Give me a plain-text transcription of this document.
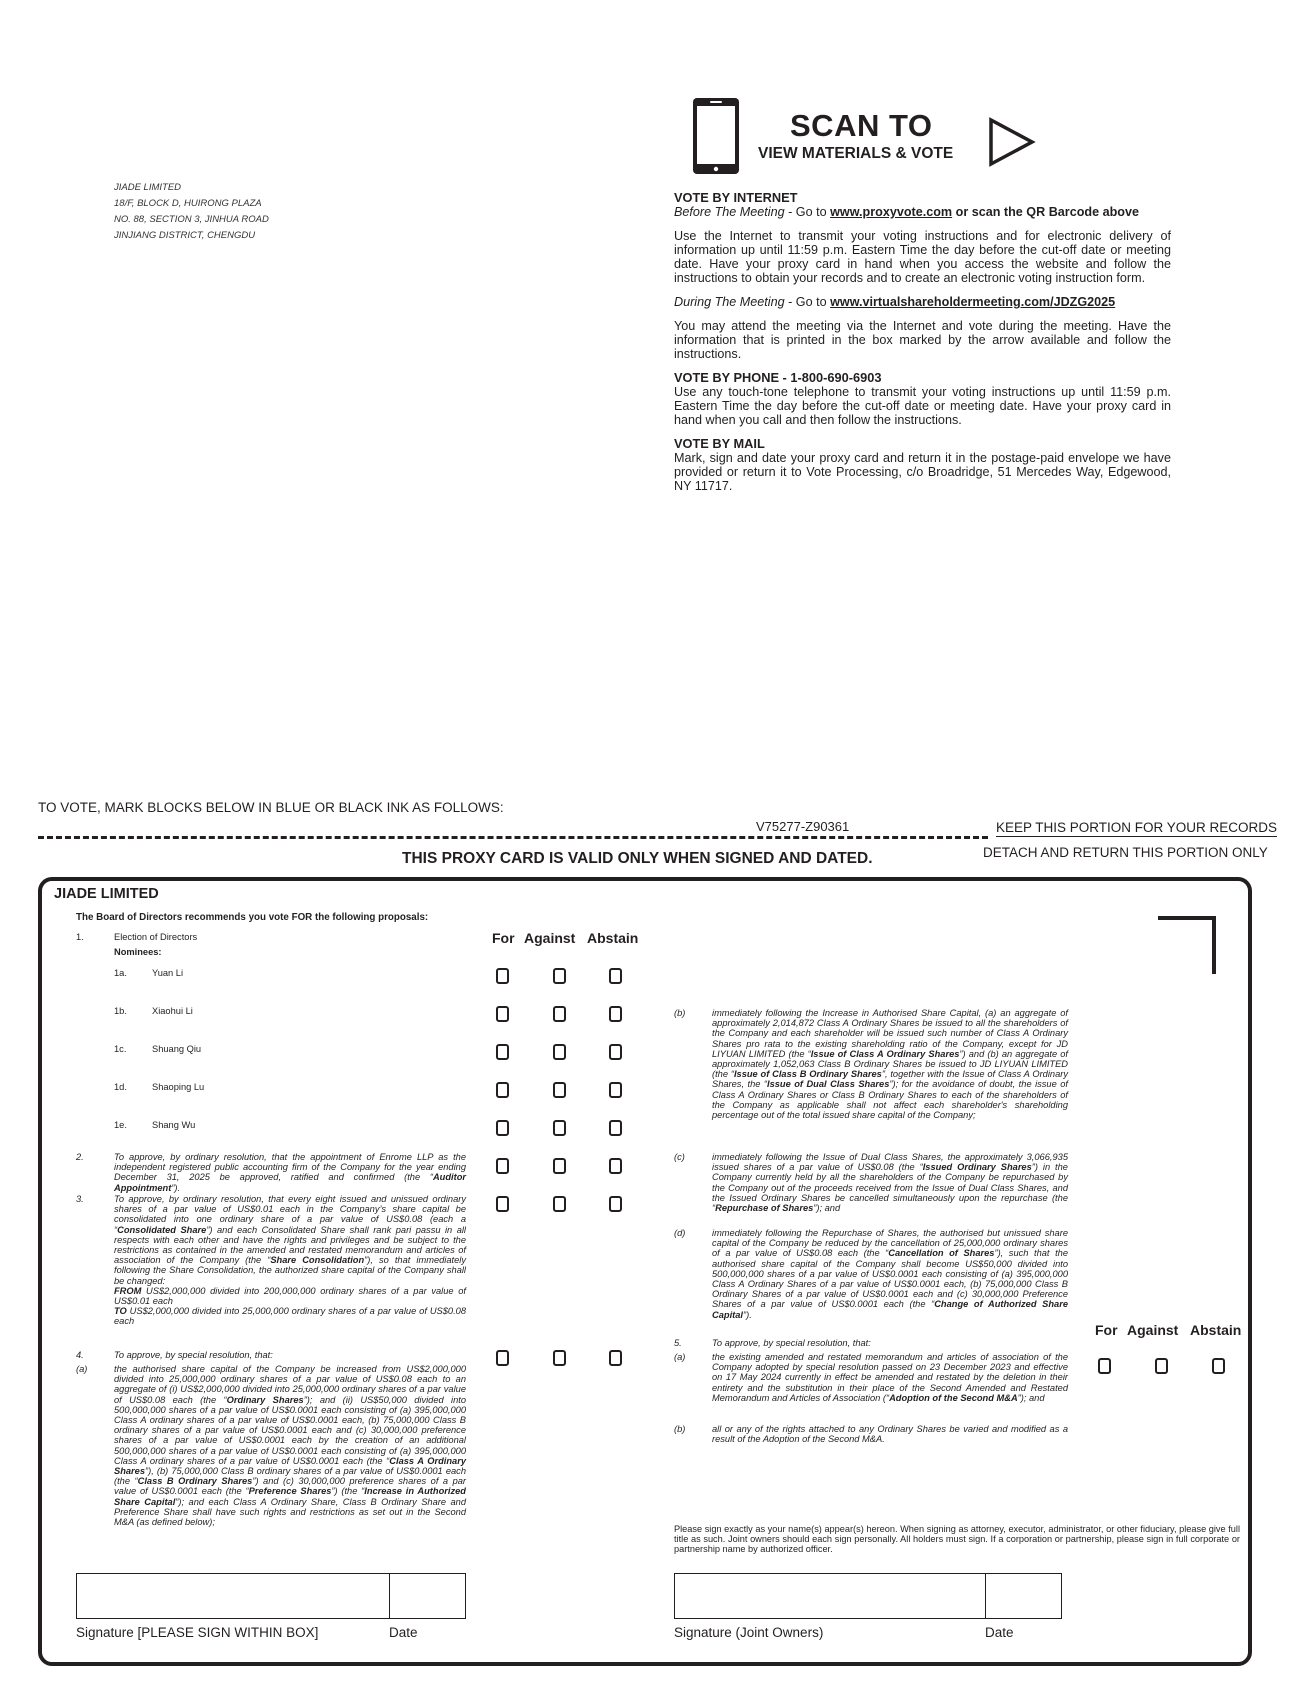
JIADE LIMITED
18/F, BLOCK D, HUIRONG PLAZA
NO. 88, SECTION 3, JINHUA ROAD
JINJIANG DISTRICT, CHENGDU
SCAN TO
VIEW MATERIALS & VOTE
VOTE BY INTERNET

Before The Meeting - Go to www.proxyvote.com or scan the QR Barcode above

Use the Internet to transmit your voting instructions and for electronic delivery of information up until 11:59 p.m. Eastern Time the day before the cut-off date or meeting date. Have your proxy card in hand when you access the website and follow the instructions to obtain your records and to create an electronic voting instruction form.

During The Meeting - Go to www.virtualshareholdermeeting.com/JDZG2025

You may attend the meeting via the Internet and vote during the meeting. Have the information that is printed in the box marked by the arrow available and follow the instructions.

VOTE BY PHONE - 1-800-690-6903

Use any touch-tone telephone to transmit your voting instructions up until 11:59 p.m. Eastern Time the day before the cut-off date or meeting date. Have your proxy card in hand when you call and then follow the instructions.

VOTE BY MAIL

Mark, sign and date your proxy card and return it in the postage-paid envelope we have provided or return it to Vote Processing, c/o Broadridge, 51 Mercedes Way, Edgewood, NY 11717.

TO VOTE, MARK BLOCKS BELOW IN BLUE OR BLACK INK AS FOLLOWS:
V75277-Z90361	KEEP THIS PORTION FOR YOUR RECORDS
DETACH AND RETURN THIS PORTION ONLY
THIS PROXY CARD IS VALID ONLY WHEN SIGNED AND DATED.
JIADE LIMITED
The Board of Directors recommends you vote FOR the following proposals:
1.	Election of Directors
Nominees:
For Against Abstain
1a.	Yuan Li
1b.	Xiaohui Li
1c.	Shuang Qiu
1d.	Shaoping Lu
1e.	Shang Wu
2.	To approve, by ordinary resolution, that the appointment of Enrome LLP as the independent registered public accounting firm of the Company for the year ending December 31, 2025 be approved, ratified and confirmed (the “Auditor Appointment”).
3.	To approve, by ordinary resolution, that every eight issued and unissued ordinary shares of a par value of US$0.01 each in the Company’s share capital be consolidated into one ordinary share of a par value of US$0.08 (each a “Consolidated Share”) and each Consolidated Share shall rank pari passu in all respects with each other and have the rights and privileges and be subject to the restrictions as contained in the amended and restated memorandum and articles of association of the Company (the “Share Consolidation”), so that immediately following the Share Consolidation, the authorized share capital of the Company shall be changed:
FROM US$2,000,000 divided into 200,000,000 ordinary shares of a par value of US$0.01 each
TO US$2,000,000 divided into 25,000,000 ordinary shares of a par value of US$0.08 each
4.	To approve, by special resolution, that:
(a)	the authorised share capital of the Company be increased from US$2,000,000 divided into 25,000,000 ordinary shares of a par value of US$0.08 each to an aggregate of (i) US$2,000,000 divided into 25,000,000 ordinary shares of a par value of US$0.08 each (the “Ordinary Shares”); and (ii) US$50,000 divided into 500,000,000 shares of a par value of US$0.0001 each consisting of (a) 395,000,000 Class A ordinary shares of a par value of US$0.0001 each, (b) 75,000,000 Class B ordinary shares of a par value of US$0.0001 each and (c) 30,000,000 preference shares of a par value of US$0.0001 each by the creation of an additional 500,000,000 shares of a par value of US$0.0001 each consisting of (a) 395,000,000 Class A ordinary shares of a par value of US$0.0001 each (the “Class A Ordinary Shares”), (b) 75,000,000 Class B ordinary shares of a par value of US$0.0001 each (the “Class B Ordinary Shares”) and (c) 30,000,000 preference shares of a par value of US$0.0001 each (the “Preference Shares”) (the “Increase in Authorized Share Capital”); and each Class A Ordinary Share, Class B Ordinary Share and Preference Share shall have such rights and restrictions as set out in the Second M&A (as defined below);
(b)	immediately following the Increase in Authorised Share Capital, (a) an aggregate of approximately 2,014,872 Class A Ordinary Shares be issued to all the shareholders of the Company and each shareholder will be issued such number of Class A Ordinary Shares pro rata to the existing shareholding ratio of the Company, except for JD LIYUAN LIMITED (the “Issue of Class A Ordinary Shares”) and (b) an aggregate of approximately 1,052,063 Class B Ordinary Shares be issued to JD LIYUAN LIMITED (the “Issue of Class B Ordinary Shares”, together with the Issue of Class A Ordinary Shares, the “Issue of Dual Class Shares”); for the avoidance of doubt, the issue of Class A Ordinary Shares or Class B Ordinary Shares to each of the shareholders of the Company as applicable shall not affect each shareholder's shareholding percentage out of the total issued share capital of the Company;
(c)	immediately following the Issue of Dual Class Shares, the approximately 3,066,935 issued shares of a par value of US$0.08 (the “Issued Ordinary Shares”) in the Company currently held by all the shareholders of the Company be repurchased by the Company out of the proceeds received from the Issue of Dual Class Shares, and the Issued Ordinary Shares be cancelled simultaneously upon the repurchase (the “Repurchase of Shares”); and
(d)	immediately following the Repurchase of Shares, the authorised but unissued share capital of the Company be reduced by the cancellation of 25,000,000 ordinary shares of a par value of US$0.08 each (the “Cancellation of Shares”), such that the authorised share capital of the Company shall become US$50,000 divided into 500,000,000 shares of a par value of US$0.0001 each consisting of (a) 395,000,000 Class A Ordinary Shares of a par value of US$0.0001 each, (b) 75,000,000 Class B Ordinary Shares of a par value of US$0.0001 each and (c) 30,000,000 Preference Shares of a par value of US$0.0001 each (the “Change of Authorized Share Capital”).
5.	To approve, by special resolution, that:
(a)	the existing amended and restated memorandum and articles of association of the Company adopted by special resolution passed on 23 December 2023 and effective on 17 May 2024 currently in effect be amended and restated by the deletion in their entirety and the substitution in their place of the Second Amended and Restated Memorandum and Articles of Association (“Adoption of the Second M&A”); and
(b)	all or any of the rights attached to any Ordinary Shares be varied and modified as a result of the Adoption of the Second M&A.
For Against Abstain
Please sign exactly as your name(s) appear(s) hereon. When signing as attorney, executor, administrator, or other fiduciary, please give full title as such. Joint owners should each sign personally. All holders must sign. If a corporation or partnership, please sign in full corporate or partnership name by authorized officer.
Signature [PLEASE SIGN WITHIN BOX]	Date	Signature (Joint Owners)	Date
